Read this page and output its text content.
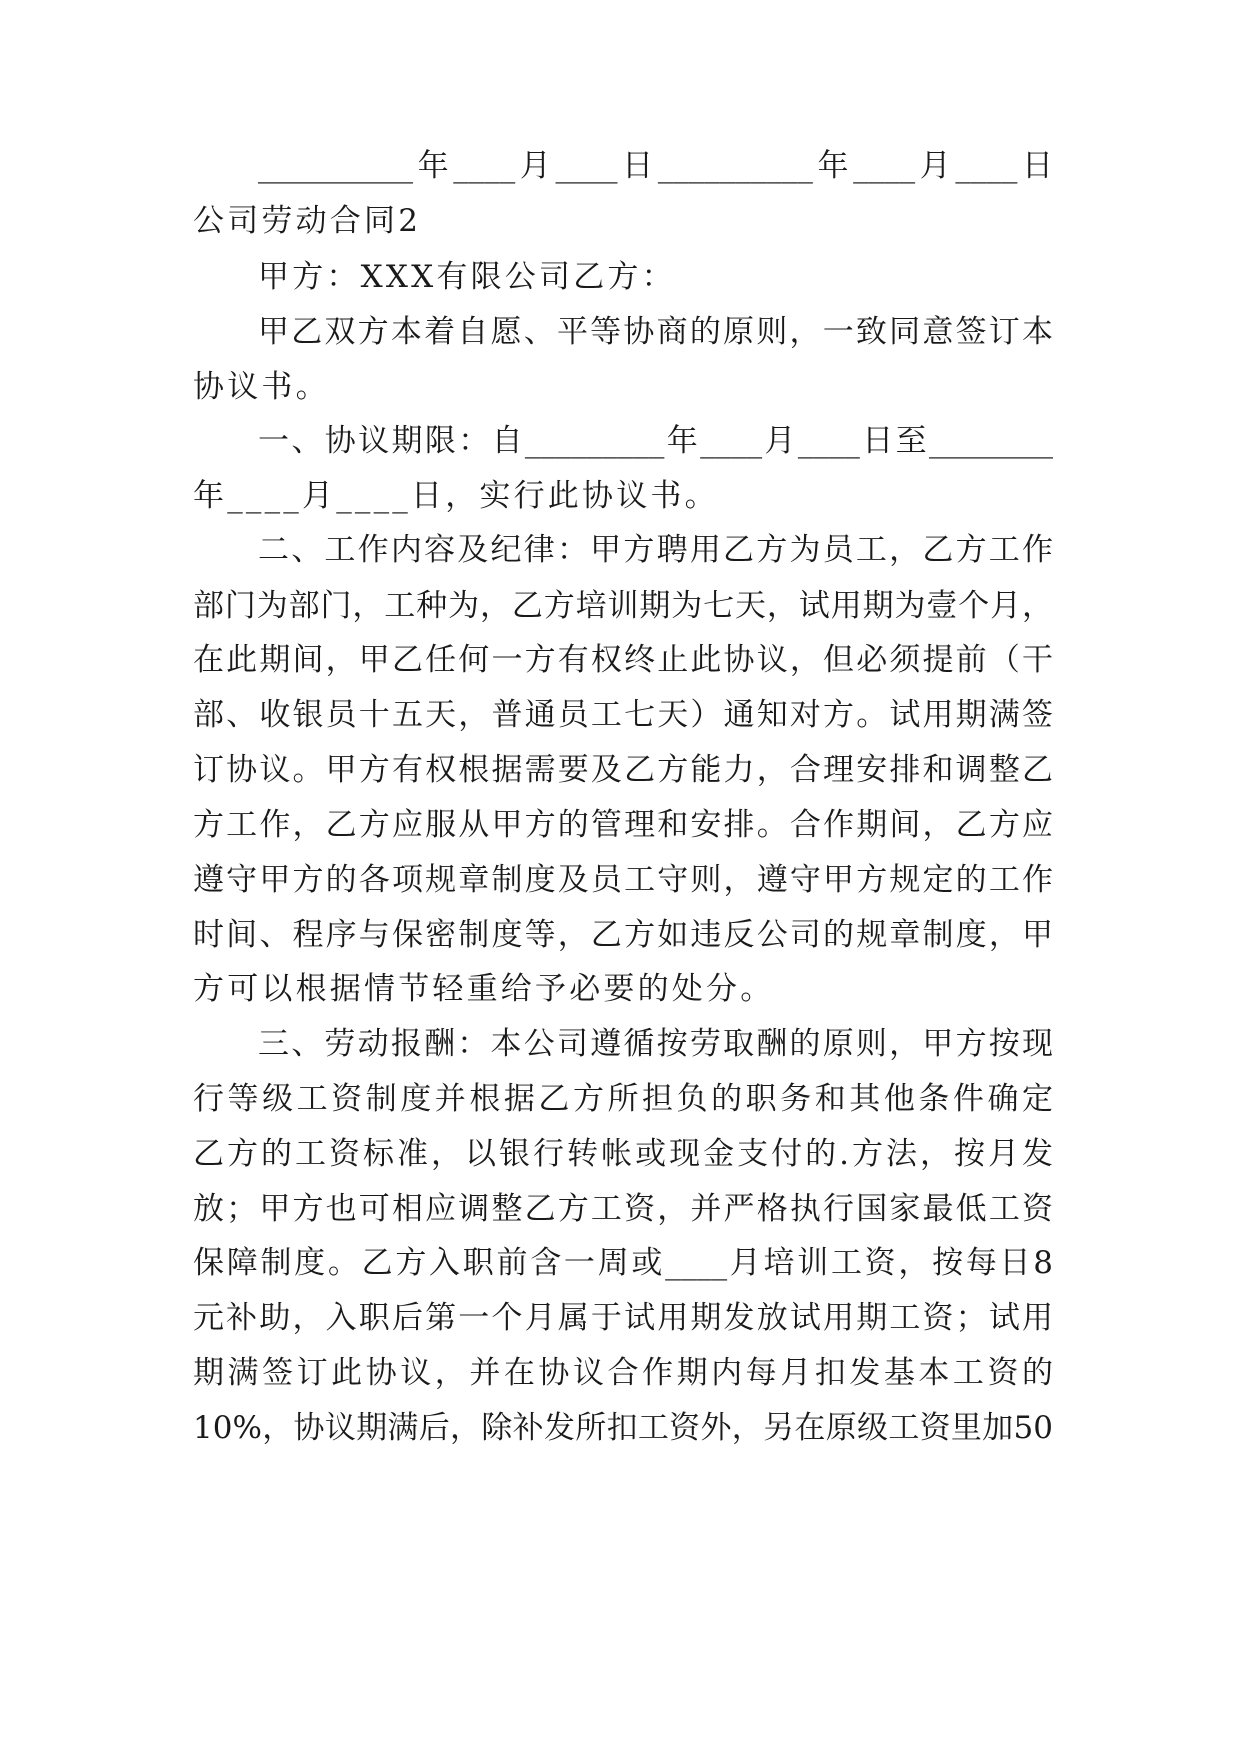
__________年____月____日__________年____月____日
公司劳动合同2
甲方：XXX有限公司乙方：
甲乙双方本着自愿、平等协商的原则，一致同意签订本
协议书。
一、协议期限：自_________年____月____日至________
年____月____日，实行此协议书。
二、工作内容及纪律：甲方聘用乙方为员工，乙方工作
部门为部门，工种为，乙方培训期为七天，试用期为壹个月，
在此期间，甲乙任何一方有权终止此协议，但必须提前（干
部、收银员十五天，普通员工七天）通知对方。试用期满签
订协议。甲方有权根据需要及乙方能力，合理安排和调整乙
方工作，乙方应服从甲方的管理和安排。合作期间，乙方应
遵守甲方的各项规章制度及员工守则，遵守甲方规定的工作
时间、程序与保密制度等，乙方如违反公司的规章制度，甲
方可以根据情节轻重给予必要的处分。
三、劳动报酬：本公司遵循按劳取酬的原则，甲方按现
行等级工资制度并根据乙方所担负的职务和其他条件确定
乙方的工资标准，以银行转帐或现金支付的.方法，按月发
放；甲方也可相应调整乙方工资，并严格执行国家最低工资
保障制度。乙方入职前含一周或____月培训工资，按每日8
元补助，入职后第一个月属于试用期发放试用期工资；试用
期满签订此协议，并在协议合作期内每月扣发基本工资的
10%，协议期满后，除补发所扣工资外，另在原级工资里加50
